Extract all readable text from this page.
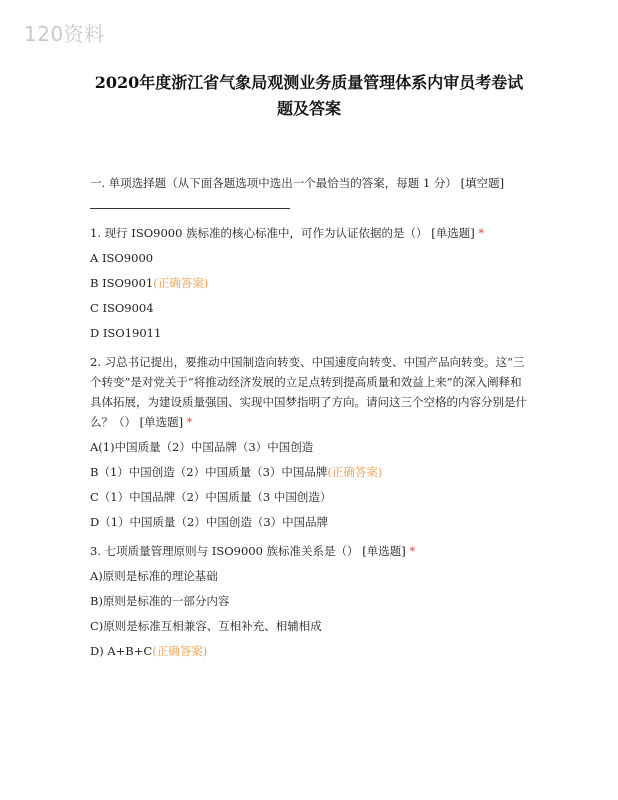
120资料
2020年度浙江省气象局观测业务质量管理体系内审员考卷试
题及答案
一. 单项选择题（从下面各题选项中选出一个最恰当的答案，每题 1 分） [填空题]
1. 现行 ISO9000 族标准的核心标准中，可作为认证依据的是（） [单选题] *
A ISO9000
B ISO9001(正确答案)
C ISO9004
D ISO19011
2. 习总书记提出，要推动中国制造向转变、中国速度向转变、中国产品向转变。这“三个转变”是对党关于“将推动经济发展的立足点转到提高质量和效益上来”的深入阐释和具体拓展，为建设质量强国、实现中国梦指明了方向。请问这三个空格的内容分别是什么？（） [单选题] *
A(1)中国质量（2）中国品牌（3）中国创造
B（1）中国创造（2）中国质量（3）中国品牌(正确答案)
C（1）中国品牌（2）中国质量（3 中国创造）
D（1）中国质量（2）中国创造（3）中国品牌
3. 七项质量管理原则与 ISO9000 族标准关系是（） [单选题] *
A)原则是标准的理论基础
B)原则是标准的一部分内容
C)原则是标准互相兼容、互相补充、相辅相成
D) A+B+C(正确答案)
